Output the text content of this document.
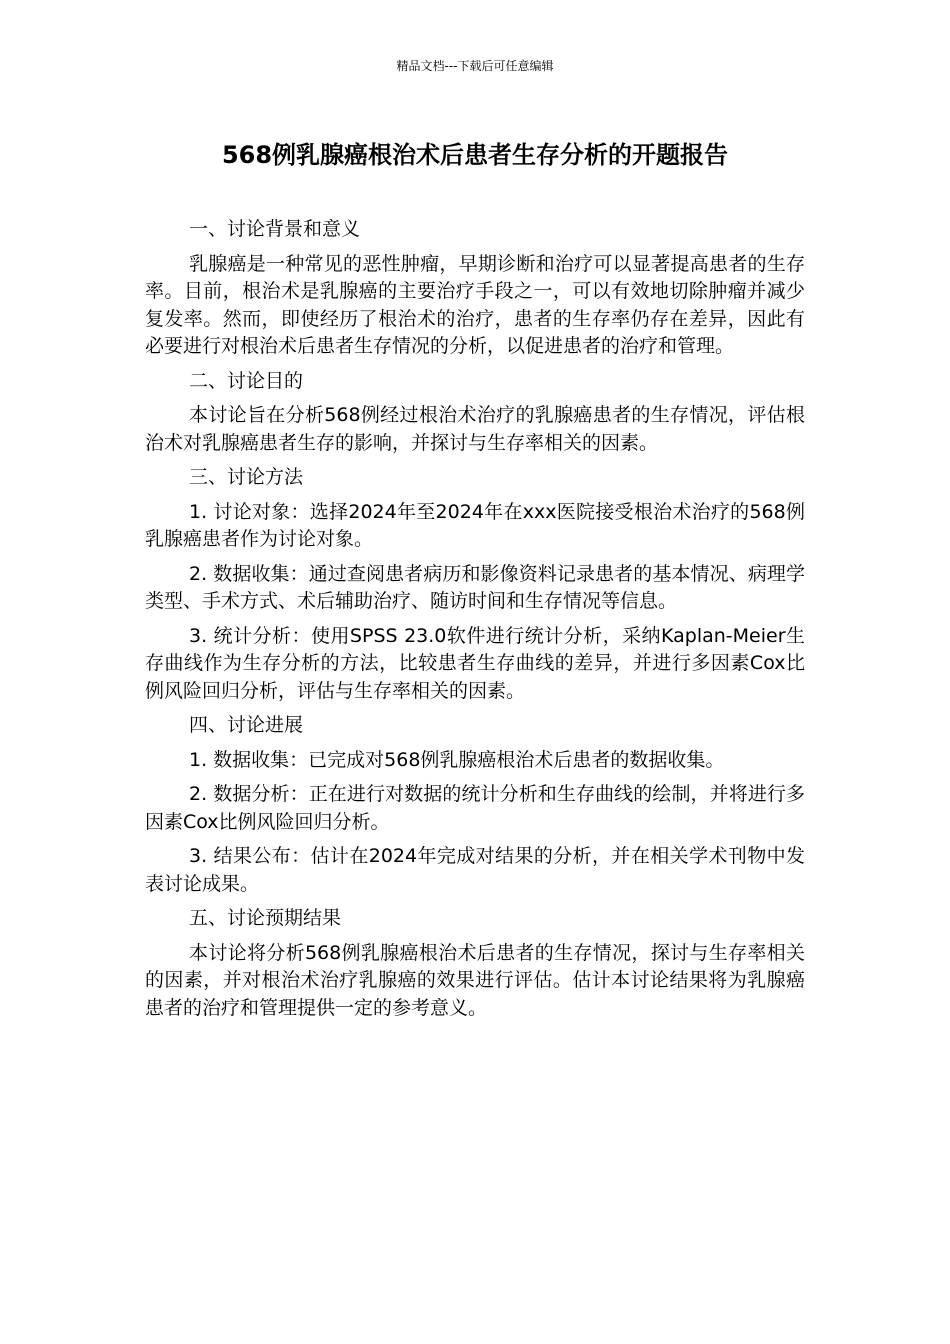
精品文档---下载后可任意编辑
568例乳腺癌根治术后患者生存分析的开题报告

一、讨论背景和意义

乳腺癌是一种常见的恶性肿瘤，早期诊断和治疗可以显著提高患者的生存率。目前，根治术是乳腺癌的主要治疗手段之一，可以有效地切除肿瘤并减少复发率。然而，即使经历了根治术的治疗，患者的生存率仍存在差异，因此有必要进行对根治术后患者生存情况的分析，以促进患者的治疗和管理。

二、讨论目的

本讨论旨在分析568例经过根治术治疗的乳腺癌患者的生存情况，评估根治术对乳腺癌患者生存的影响，并探讨与生存率相关的因素。

三、讨论方法

1. 讨论对象：选择2024年至2024年在xxx医院接受根治术治疗的568例乳腺癌患者作为讨论对象。

2. 数据收集：通过查阅患者病历和影像资料记录患者的基本情况、病理学类型、手术方式、术后辅助治疗、随访时间和生存情况等信息。

3. 统计分析：使用SPSS 23.0软件进行统计分析，采纳Kaplan-Meier生存曲线作为生存分析的方法，比较患者生存曲线的差异，并进行多因素Cox比例风险回归分析，评估与生存率相关的因素。

四、讨论进展

1. 数据收集：已完成对568例乳腺癌根治术后患者的数据收集。

2. 数据分析：正在进行对数据的统计分析和生存曲线的绘制，并将进行多因素Cox比例风险回归分析。

3. 结果公布：估计在2024年完成对结果的分析，并在相关学术刊物中发表讨论成果。

五、讨论预期结果

本讨论将分析568例乳腺癌根治术后患者的生存情况，探讨与生存率相关的因素，并对根治术治疗乳腺癌的效果进行评估。估计本讨论结果将为乳腺癌患者的治疗和管理提供一定的参考意义。
